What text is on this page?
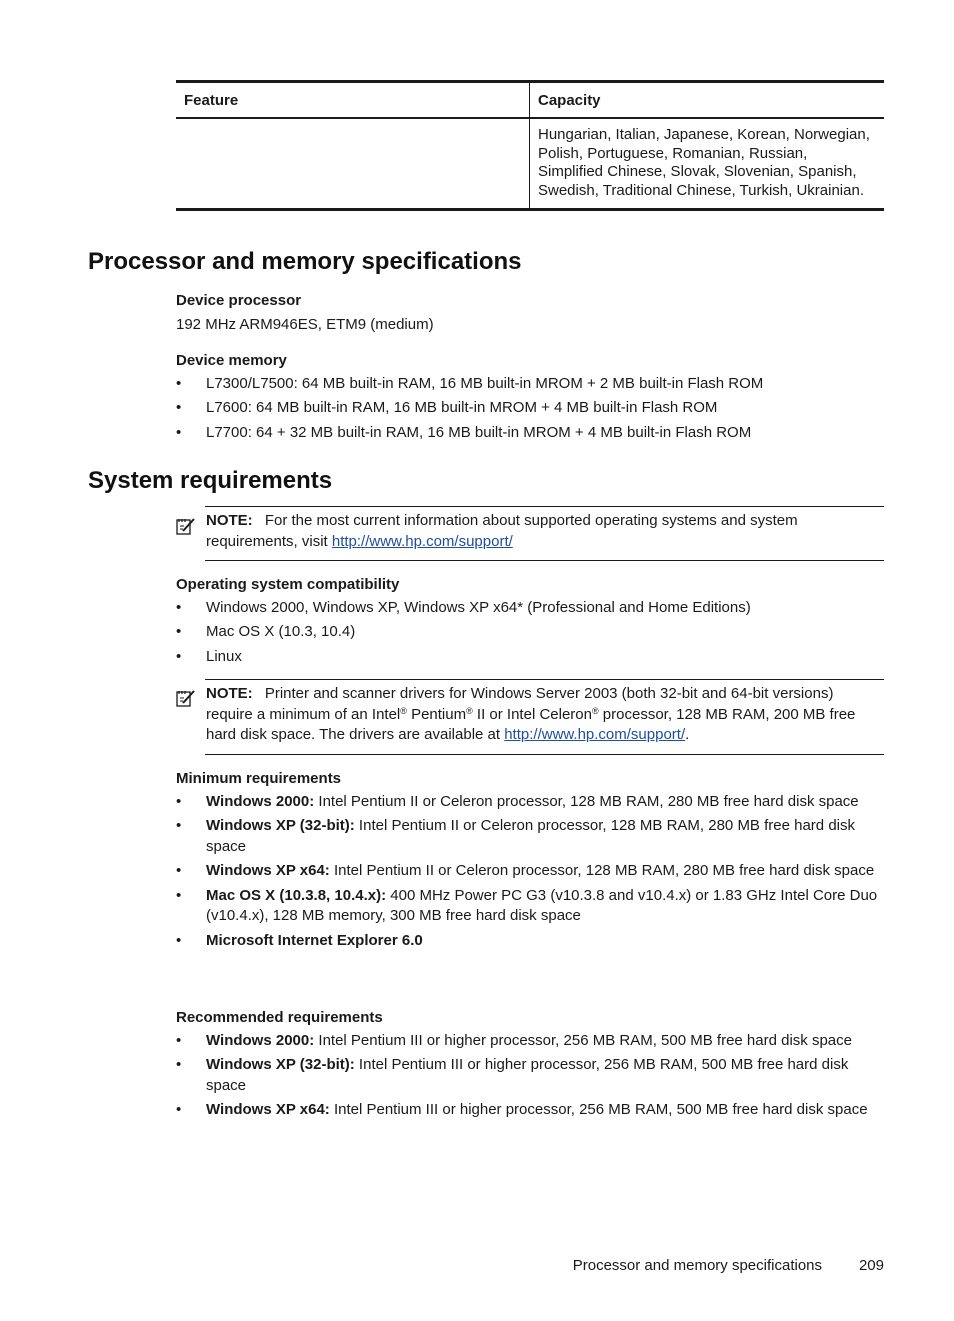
Feature	Capacity
	Hungarian, Italian, Japanese, Korean, Norwegian, Polish, Portuguese, Romanian, Russian, Simplified Chinese, Slovak, Slovenian, Spanish, Swedish, Traditional Chinese, Turkish, Ukrainian.
Processor and memory specifications

Device processor

192 MHz ARM946ES, ETM9 (medium)

Device memory

• L7300/L7500: 64 MB built-in RAM, 16 MB built-in MROM + 2 MB built-in Flash ROM
• L7600: 64 MB built-in RAM, 16 MB built-in MROM + 4 MB built-in Flash ROM
• L7700: 64 + 32 MB built-in RAM, 16 MB built-in MROM + 4 MB built-in Flash ROM
System requirements
NOTE: For the most current information about supported operating systems and system requirements, visit http://www.hp.com/support/

Operating system compatibility

• Windows 2000, Windows XP, Windows XP x64* (Professional and Home Editions)
• Mac OS X (10.3, 10.4)
• Linux
NOTE: Printer and scanner drivers for Windows Server 2003 (both 32-bit and 64-bit versions) require a minimum of an Intel® Pentium® II or Intel Celeron® processor, 128 MB RAM, 200 MB free hard disk space. The drivers are available at http://www.hp.com/support/.

Minimum requirements

• Windows 2000: Intel Pentium II or Celeron processor, 128 MB RAM, 280 MB free hard disk space
• Windows XP (32-bit): Intel Pentium II or Celeron processor, 128 MB RAM, 280 MB free hard disk space
• Windows XP x64: Intel Pentium II or Celeron processor, 128 MB RAM, 280 MB free hard disk space
• Mac OS X (10.3.8, 10.4.x): 400 MHz Power PC G3 (v10.3.8 and v10.4.x) or 1.83 GHz Intel Core Duo (v10.4.x), 128 MB memory, 300 MB free hard disk space
• Microsoft Internet Explorer 6.0

Recommended requirements

• Windows 2000: Intel Pentium III or higher processor, 256 MB RAM, 500 MB free hard disk space
• Windows XP (32-bit): Intel Pentium III or higher processor, 256 MB RAM, 500 MB free hard disk space
• Windows XP x64: Intel Pentium III or higher processor, 256 MB RAM, 500 MB free hard disk space
Processor and memory specifications 209
